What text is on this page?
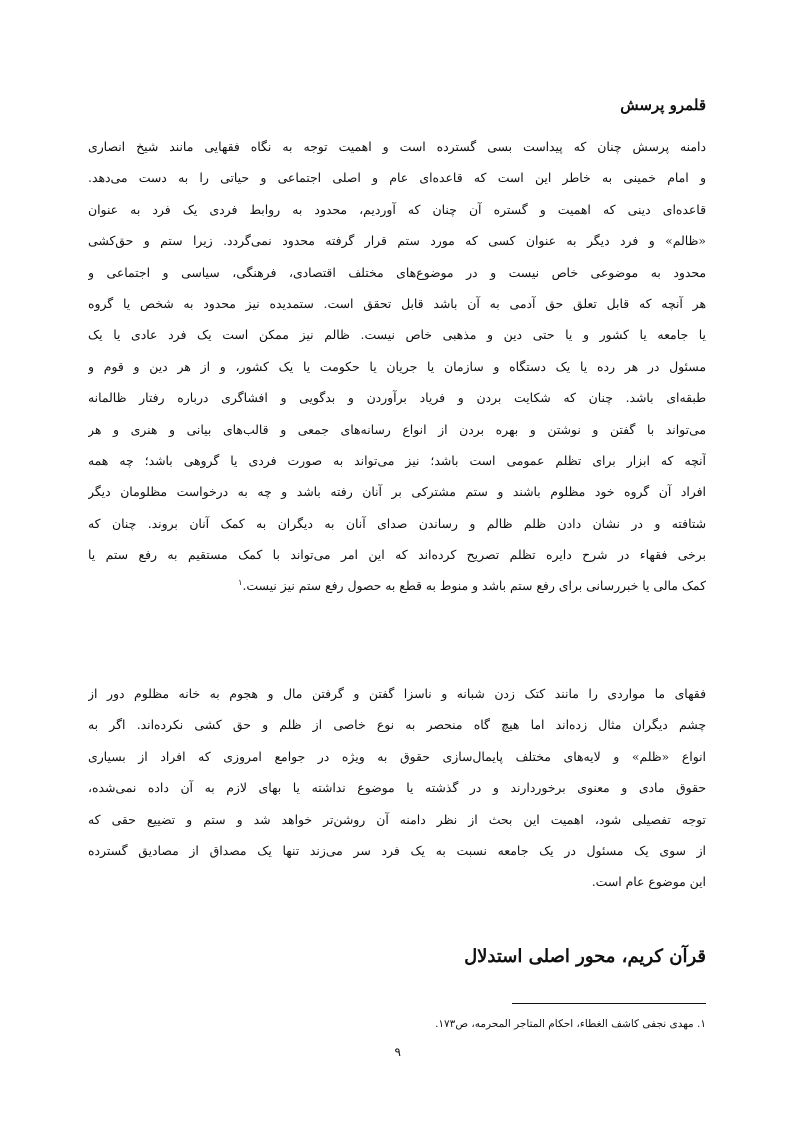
قلمرو پرسش

دامنه پرسش چنان که پیداست بسی گسترده است و اهمیت توجه به نگاه فقهایی مانند شیخ انصاری
و امام خمینی به خاطر این است که قاعده‌ای عام و اصلی اجتماعی و حیاتی را به دست می‌دهد.
قاعده‌ای دینی که اهمیت و گستره آن چنان که آوردیم، محدود به روابط فردی یک فرد به عنوان
«ظالم» و فرد دیگر به عنوان کسی که مورد ستم قرار گرفته محدود نمی‌گردد. زیرا ستم و حق‌کشی
محدود به موضوعی خاص نیست و در موضوع‌های مختلف اقتصادی، فرهنگی، سیاسی و اجتماعی و
هر آنچه که قابل تعلق حق آدمی به آن باشد قابل تحقق است. ستمدیده نیز محدود به شخص یا گروه
یا جامعه یا کشور و یا حتی دین و مذهبی خاص نیست. ظالم نیز ممکن است یک فرد عادی یا یک
مسئول در هر رده یا یک دستگاه و سازمان یا جریان یا حکومت یا یک کشور، و از هر دین و قوم و
طبقه‌ای باشد. چنان که شکایت بردن و فریاد برآوردن و بدگویی و افشاگری درباره رفتار ظالمانه
می‌تواند با گفتن و نوشتن و بهره بردن از انواع رسانه‌های جمعی و قالب‌های بیانی و هنری و هر
آنچه که ابزار برای تظلم عمومی است باشد؛ نیز می‌تواند به صورت فردی یا گروهی باشد؛ چه همه
افراد آن گروه خود مظلوم باشند و ستم مشترکی بر آنان رفته باشد و چه به درخواست مظلومان دیگر
شتافته و در نشان دادن ظلم ظالم و رساندن صدای آنان به دیگران به کمک آنان بروند. چنان که
برخی فقهاء در شرح دایره تظلم تصریح کرده‌اند که این امر می‌تواند با کمک مستقیم به رفع ستم یا
کمک مالی یا خبررسانی برای رفع ستم باشد و منوط به قطع به حصول رفع ستم نیز نیست.$^١$

فقهای ما مواردی را مانند کتک زدن شبانه و ناسزا گفتن و گرفتن مال و هجوم به خانه مظلوم دور از
چشم دیگران مثال زده‌اند اما هیچ گاه منحصر به نوع خاصی از ظلم و حق کشی نکرده‌اند. اگر به
انواع «ظلم» و لایه‌های مختلف پایمال‌سازی حقوق به ویژه در جوامع امروزی که افراد از بسیاری
حقوق مادی و معنوی برخوردارند و در گذشته یا موضوع نداشته یا بهای لازم به آن داده نمی‌شده،
توجه تفصیلی شود، اهمیت این بحث از نظر دامنه آن روشن‌تر خواهد شد و ستم و تضییع حقی که
از سوی یک مسئول در یک جامعه نسبت به یک فرد سر می‌زند تنها یک مصداق از مصادیق گسترده
این موضوع عام است.

قرآن کریم، محور اصلی استدلال
١. مهدی نجفی کاشف الغطاء، احکام المتاجر المحرمه، ص١٧٣.
٩
